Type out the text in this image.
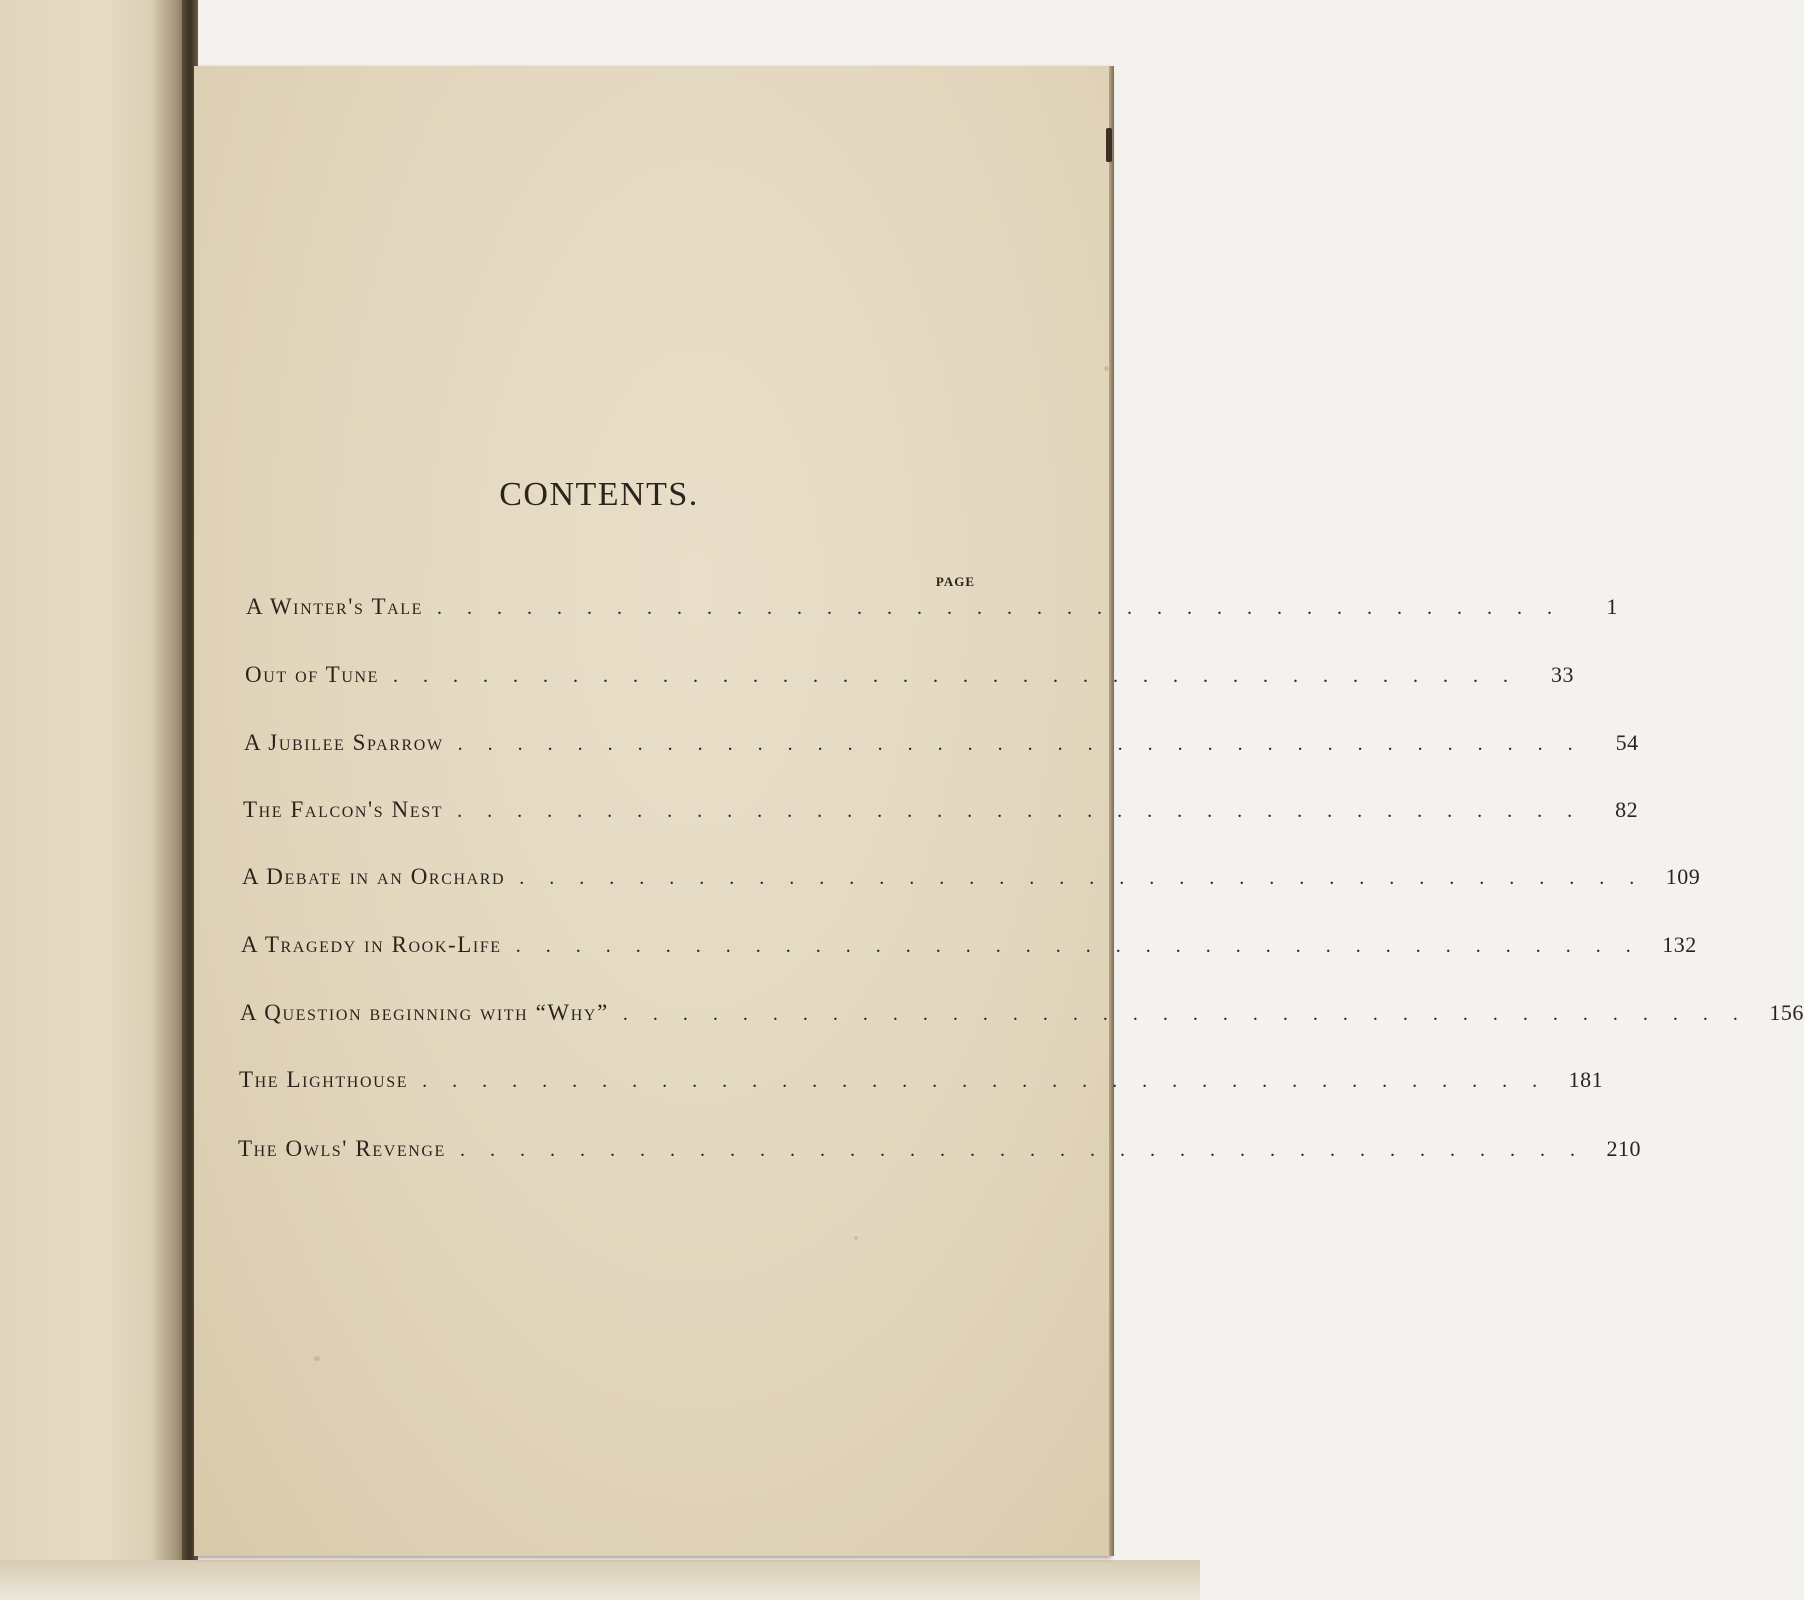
CONTENTS.
PAGE
A Winter's Tale . . . . . . . . . . . . . . . . . . . . . . . . . . . . . . . . . . . . . .	1
Out of Tune . . . . . . . . . . . . . . . . . . . . . . . . . . . . . . . . . . . . . .	33
A Jubilee Sparrow . . . . . . . . . . . . . . . . . . . . . . . . . . . . . . . . . . . . . .	54
The Falcon's Nest . . . . . . . . . . . . . . . . . . . . . . . . . . . . . . . . . . . . . .	82
A Debate in an Orchard . . . . . . . . . . . . . . . . . . . . . . . . . . . . . . . . . . . . . . 109
A Tragedy in Rook-Life . . . . . . . . . . . . . . . . . . . . . . . . . . . . . . . . . . . . . . 132
A Question beginning with “Why” . . . . . . . . . . . . . . . . . . . . . . . . . . . . . . . . . . . . . . 156
The Lighthouse . . . . . . . . . . . . . . . . . . . . . . . . . . . . . . . . . . . . . . 181
The Owls' Revenge . . . . . . . . . . . . . . . . . . . . . . . . . . . . . . . . . . . . . . 210
